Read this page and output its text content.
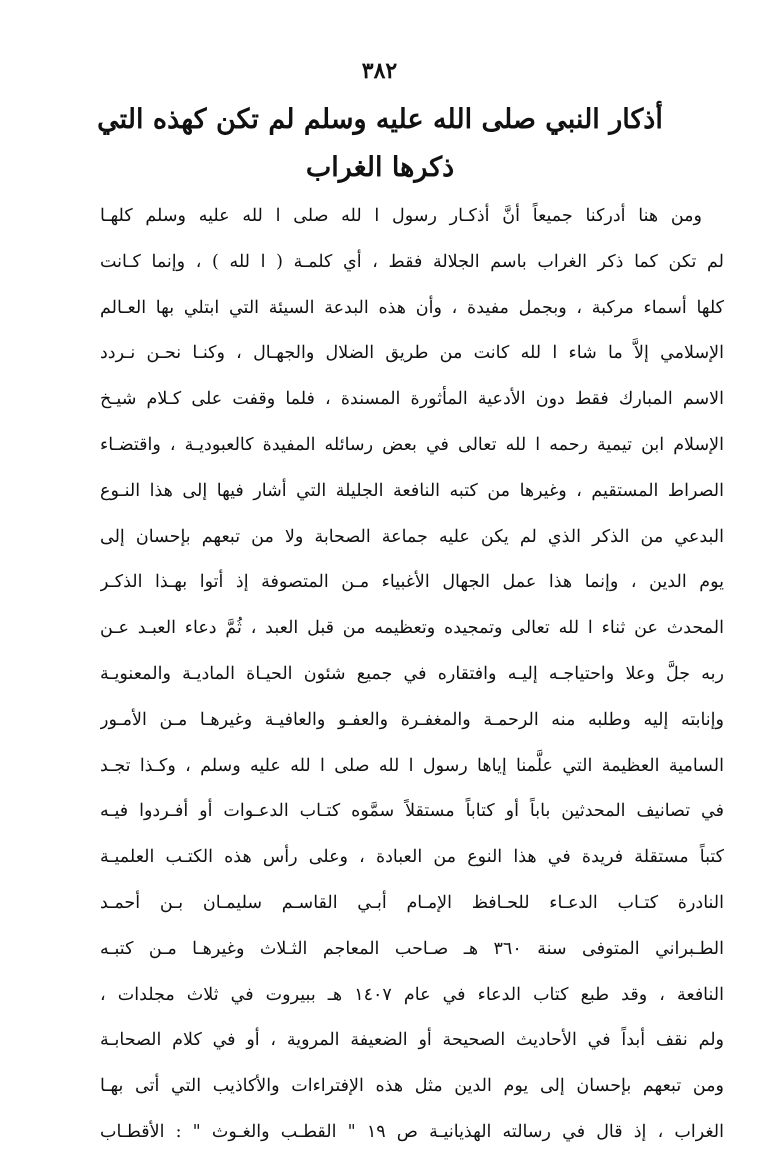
٣٨٢
أذكار النبي صلى الله عليه وسلم لم تكن كهذه التي
ذكرها الغراب
ومن هنا أدركنا جميعاً أنَّ أذكـار رسول ا لله صلى ا لله عليه وسلم كلهـا
لم تكن كما ذكر الغراب باسم الجلالة فقط ، أي كلمـة ( ا لله ) ، وإنما كـانت
كلها أسماء مركبة ، وبجمل مفيدة ، وأن هذه البدعة السيئة التي ابتلي بها العـالم
الإسلامي إلاَّ ما شاء ا لله كانت من طريق الضلال والجهـال ، وكنـا نحـن نـردد
الاسم المبارك فقط دون الأدعية المأثورة المسندة ، فلما وقفت على كـلام شيـخ
الإسلام ابن تيمية رحمه ا لله تعالى في بعض رسائله المفيدة كالعبوديـة ، واقتضـاء
الصراط المستقيم ، وغيرها من كتبه النافعة الجليلة التي أشار فيها إلى هذا النـوع
البدعي من الذكر الذي لم يكن عليه جماعة الصحابة ولا من تبعهم بإحسان إلى
يوم الدين ، وإنما هذا عمل الجهال الأغبياء مـن المتصوفة إذ أتوا بهـذا الذكـر
المحدث عن ثناء ا لله تعالى وتمجيده وتعظيمه من قبل العبد ، ثُمَّ دعاء العبـد عـن
ربه جلَّ وعلا واحتياجـه إليـه وافتقاره في جميع شئون الحيـاة الماديـة والمعنويـة
وإنابته إليه وطلبه منه الرحمـة والمغفـرة والعفـو والعافيـة وغيرهـا مـن الأمـور
السامية العظيمة التي علَّمنا إياها رسول ا لله صلى ا لله عليه وسلم ، وكـذا تجـد
في تصانيف المحدثين باباً أو كتاباً مستقلاً سمَّوه كتـاب الدعـوات أو أفـردوا فيـه
كتباً مستقلة فريدة في هذا النوع من العبادة ، وعلى رأس هذه الكتـب العلميـة
النادرة كتـاب الدعـاء للحـافظ الإمـام أبـي القاسـم سليمـان بـن أحمـد
الطـبراني المتوفى سنة ٣٦٠ هـ صـاحب المعاجم الثـلاث وغيرهـا مـن كتبـه
النافعة ، وقد طبع كتاب الدعاء في عام ١٤٠٧ هـ ببيروت في ثلاث مجلدات ،
ولم نقف أبداً في الأحاديث الصحيحة أو الضعيفة المروية ، أو في كلام الصحابـة
ومن تبعهم بإحسان إلى يوم الدين مثل هذه الإفتراءات والأكاذيب التي أتى بهـا
الغراب ، إذ قال في رسالته الهذيانيـة ص ١٩ " القطـب والغـوث " : الأقطـاب
